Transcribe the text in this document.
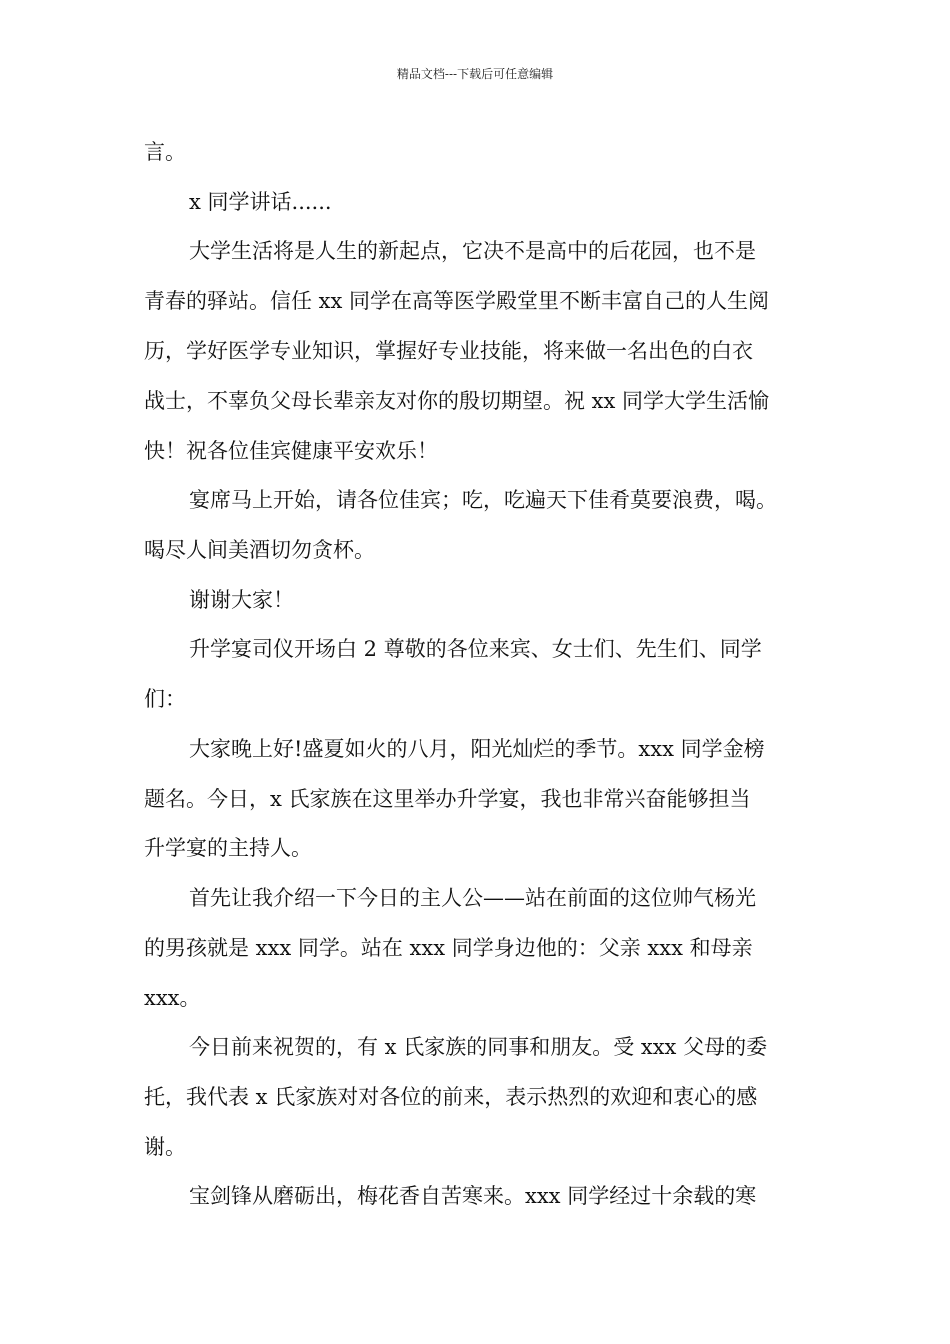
精品文档---下载后可任意编辑
言。
x 同学讲话......
大学生活将是人生的新起点，它决不是高中的后花园，也不是
青春的驿站。信任 xx 同学在高等医学殿堂里不断丰富自己的人生阅
历，学好医学专业知识，掌握好专业技能，将来做一名出色的白衣
战士，不辜负父母长辈亲友对你的殷切期望。祝 xx 同学大学生活愉
快！祝各位佳宾健康平安欢乐！
宴席马上开始，请各位佳宾；吃，吃遍天下佳肴莫要浪费，喝。
喝尽人间美酒切勿贪杯。
谢谢大家！
升学宴司仪开场白 2 尊敬的各位来宾、女士们、先生们、同学
们：
大家晚上好!盛夏如火的八月，阳光灿烂的季节。xxx 同学金榜
题名。今日，x 氏家族在这里举办升学宴，我也非常兴奋能够担当
升学宴的主持人。
首先让我介绍一下今日的主人公——站在前面的这位帅气杨光
的男孩就是 xxx 同学。站在 xxx 同学身边他的：父亲 xxx 和母亲
xxx。
今日前来祝贺的，有 x 氏家族的同事和朋友。受 xxx 父母的委
托，我代表 x 氏家族对对各位的前来，表示热烈的欢迎和衷心的感
谢。
宝剑锋从磨砺出，梅花香自苦寒来。xxx 同学经过十余载的寒
